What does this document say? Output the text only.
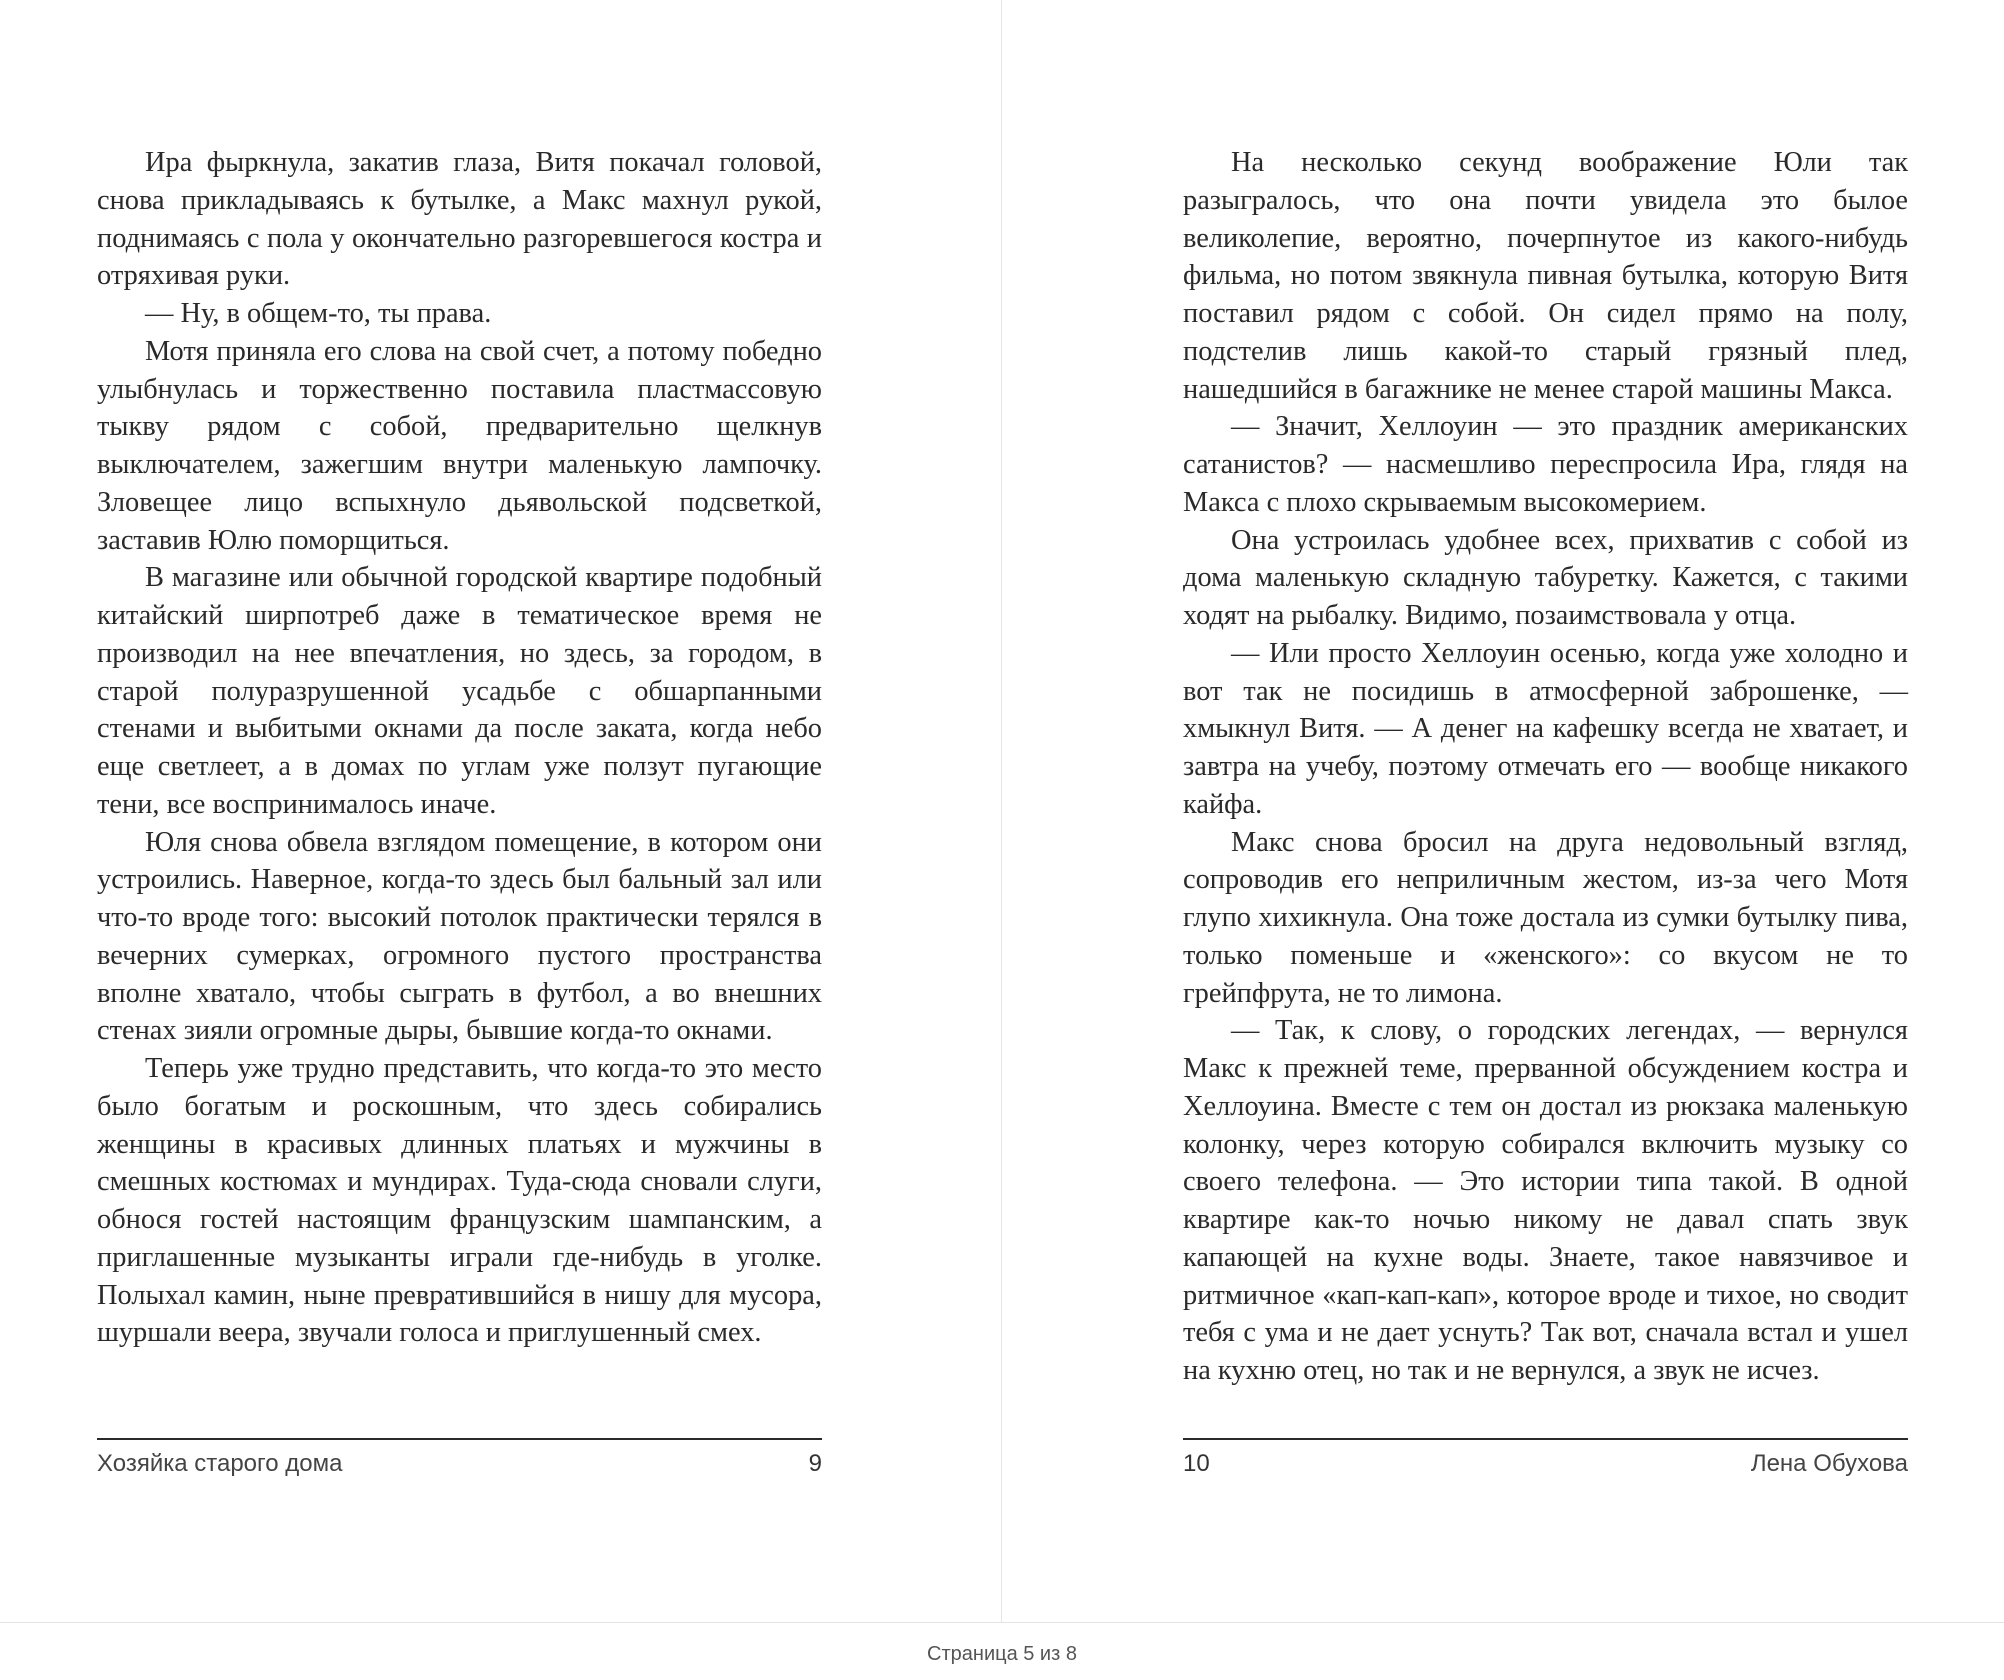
Ира фыркнула, закатив глаза, Витя покачал головой, снова прикладываясь к бутылке, а Макс махнул рукой, поднимаясь с пола у окончательно разгоревшегося костра и отряхивая руки.

— Ну, в общем-то, ты права.

Мотя приняла его слова на свой счет, а потому победно улыбнулась и торжественно поставила пластмассовую тыкву рядом с собой, предварительно щелкнув выключателем, зажегшим внутри маленькую лампочку. Зловещее лицо вспыхнуло дьявольской подсветкой, заставив Юлю поморщиться.

В магазине или обычной городской квартире подобный китайский ширпотреб даже в тематическое время не производил на нее впечатления, но здесь, за городом, в старой полуразрушенной усадьбе с обшарпанными стенами и выбитыми окнами да после заката, когда небо еще светлеет, а в домах по углам уже ползут пугающие тени, все воспринималось иначе.

Юля снова обвела взглядом помещение, в котором они устроились. Наверное, когда-то здесь был бальный зал или что-то вроде того: высокий потолок практически терялся в вечерних сумерках, огромного пустого пространства вполне хватало, чтобы сыграть в футбол, а во внешних стенах зияли огромные дыры, бывшие когда-то окнами.

Теперь уже трудно представить, что когда-то это место было богатым и роскошным, что здесь собирались женщины в красивых длинных платьях и мужчины в смешных костюмах и мундирах. Туда-сюда сновали слуги, обнося гостей настоящим французским шампанским, а приглашенные музыканты играли где-нибудь в уголке. Полыхал камин, ныне превратившийся в нишу для мусора, шуршали веера, звучали голоса и приглушенный смех.

Хозяйка старого дома	9

На несколько секунд воображение Юли так разыгралось, что она почти увидела это былое великолепие, вероятно, почерпнутое из какого-нибудь фильма, но потом звякнула пивная бутылка, которую Витя поставил рядом с собой. Он сидел прямо на полу, подстелив лишь какой-то старый грязный плед, нашедшийся в багажнике не менее старой машины Макса.

— Значит, Хеллоуин — это праздник американских сатанистов? — насмешливо переспросила Ира, глядя на Макса с плохо скрываемым высокомерием.

Она устроилась удобнее всех, прихватив с собой из дома маленькую складную табуретку. Кажется, с такими ходят на рыбалку. Видимо, позаимствовала у отца.

— Или просто Хеллоуин осенью, когда уже холодно и вот так не посидишь в атмосферной заброшенке, — хмыкнул Витя. — А денег на кафешку всегда не хватает, и завтра на учебу, поэтому отмечать его — вообще никакого кайфа.

Макс снова бросил на друга недовольный взгляд, сопроводив его неприличным жестом, из-за чего Мотя глупо хихикнула. Она тоже достала из сумки бутылку пива, только поменьше и «женского»: со вкусом не то грейпфрута, не то лимона.

— Так, к слову, о городских легендах, — вернулся Макс к прежней теме, прерванной обсуждением костра и Хеллоуина. Вместе с тем он достал из рюкзака маленькую колонку, через которую собирался включить музыку со своего телефона. — Это истории типа такой. В одной квартире как-то ночью никому не давал спать звук капающей на кухне воды. Знаете, такое навязчивое и ритмичное «кап-кап-кап», которое вроде и тихое, но сводит тебя с ума и не дает уснуть? Так вот, сначала встал и ушел на кухню отец, но так и не вернулся, а звук не исчез.

10	Лена Обухова
Страница 5 из 8
